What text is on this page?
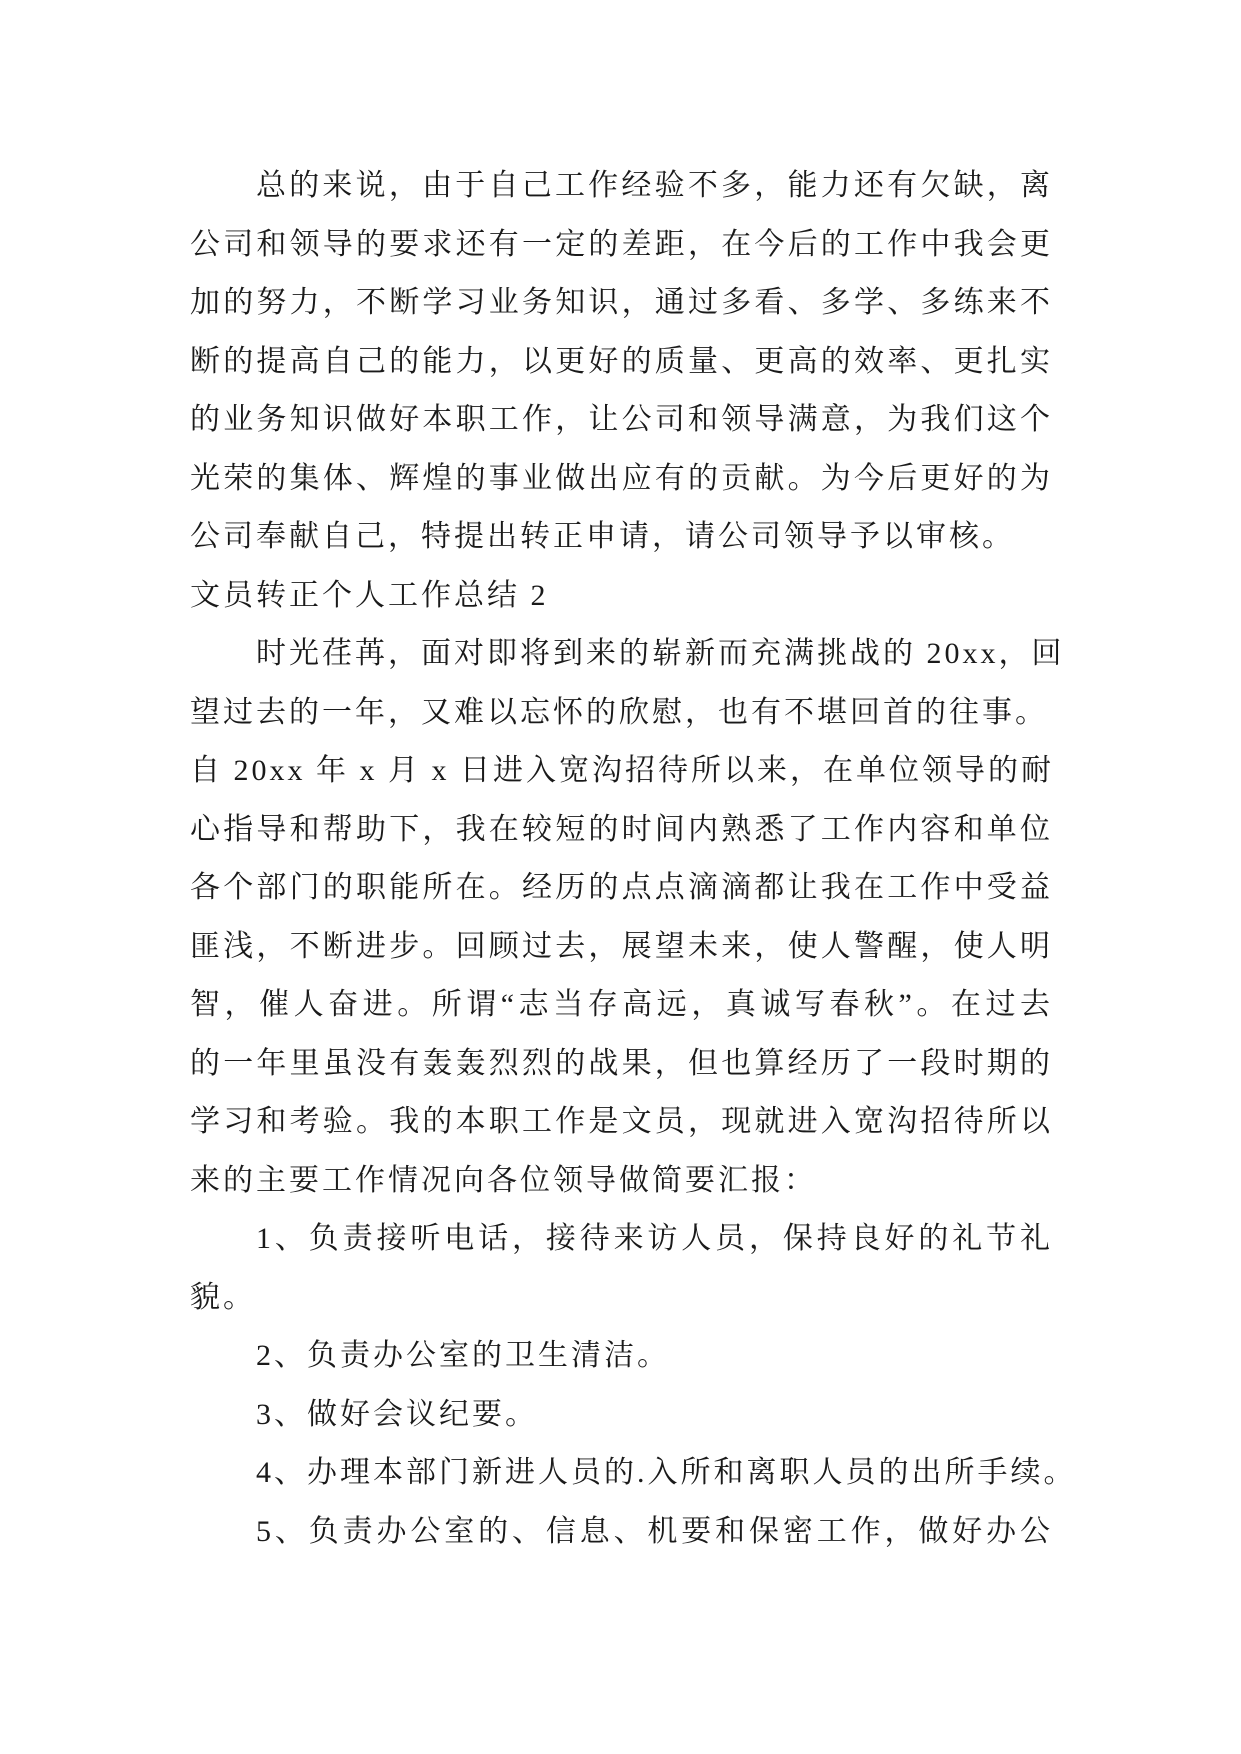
总的来说，由于自己工作经验不多，能力还有欠缺，离
公司和领导的要求还有一定的差距，在今后的工作中我会更
加的努力，不断学习业务知识，通过多看、多学、多练来不
断的提高自己的能力，以更好的质量、更高的效率、更扎实
的业务知识做好本职工作，让公司和领导满意，为我们这个
光荣的集体、辉煌的事业做出应有的贡献。为今后更好的为
公司奉献自己，特提出转正申请，请公司领导予以审核。
文员转正个人工作总结 2
时光荏苒，面对即将到来的崭新而充满挑战的 20xx，回
望过去的一年，又难以忘怀的欣慰，也有不堪回首的往事。
自 20xx 年 x 月 x 日进入宽沟招待所以来，在单位领导的耐
心指导和帮助下，我在较短的时间内熟悉了工作内容和单位
各个部门的职能所在。经历的点点滴滴都让我在工作中受益
匪浅，不断进步。回顾过去，展望未来，使人警醒，使人明
智，催人奋进。所谓“志当存高远，真诚写春秋”。在过去
的一年里虽没有轰轰烈烈的战果，但也算经历了一段时期的
学习和考验。我的本职工作是文员，现就进入宽沟招待所以
来的主要工作情况向各位领导做简要汇报：
1、负责接听电话，接待来访人员，保持良好的礼节礼
貌。
2、负责办公室的卫生清洁。
3、做好会议纪要。
4、办理本部门新进人员的.入所和离职人员的出所手续。
5、负责办公室的、信息、机要和保密工作，做好办公
